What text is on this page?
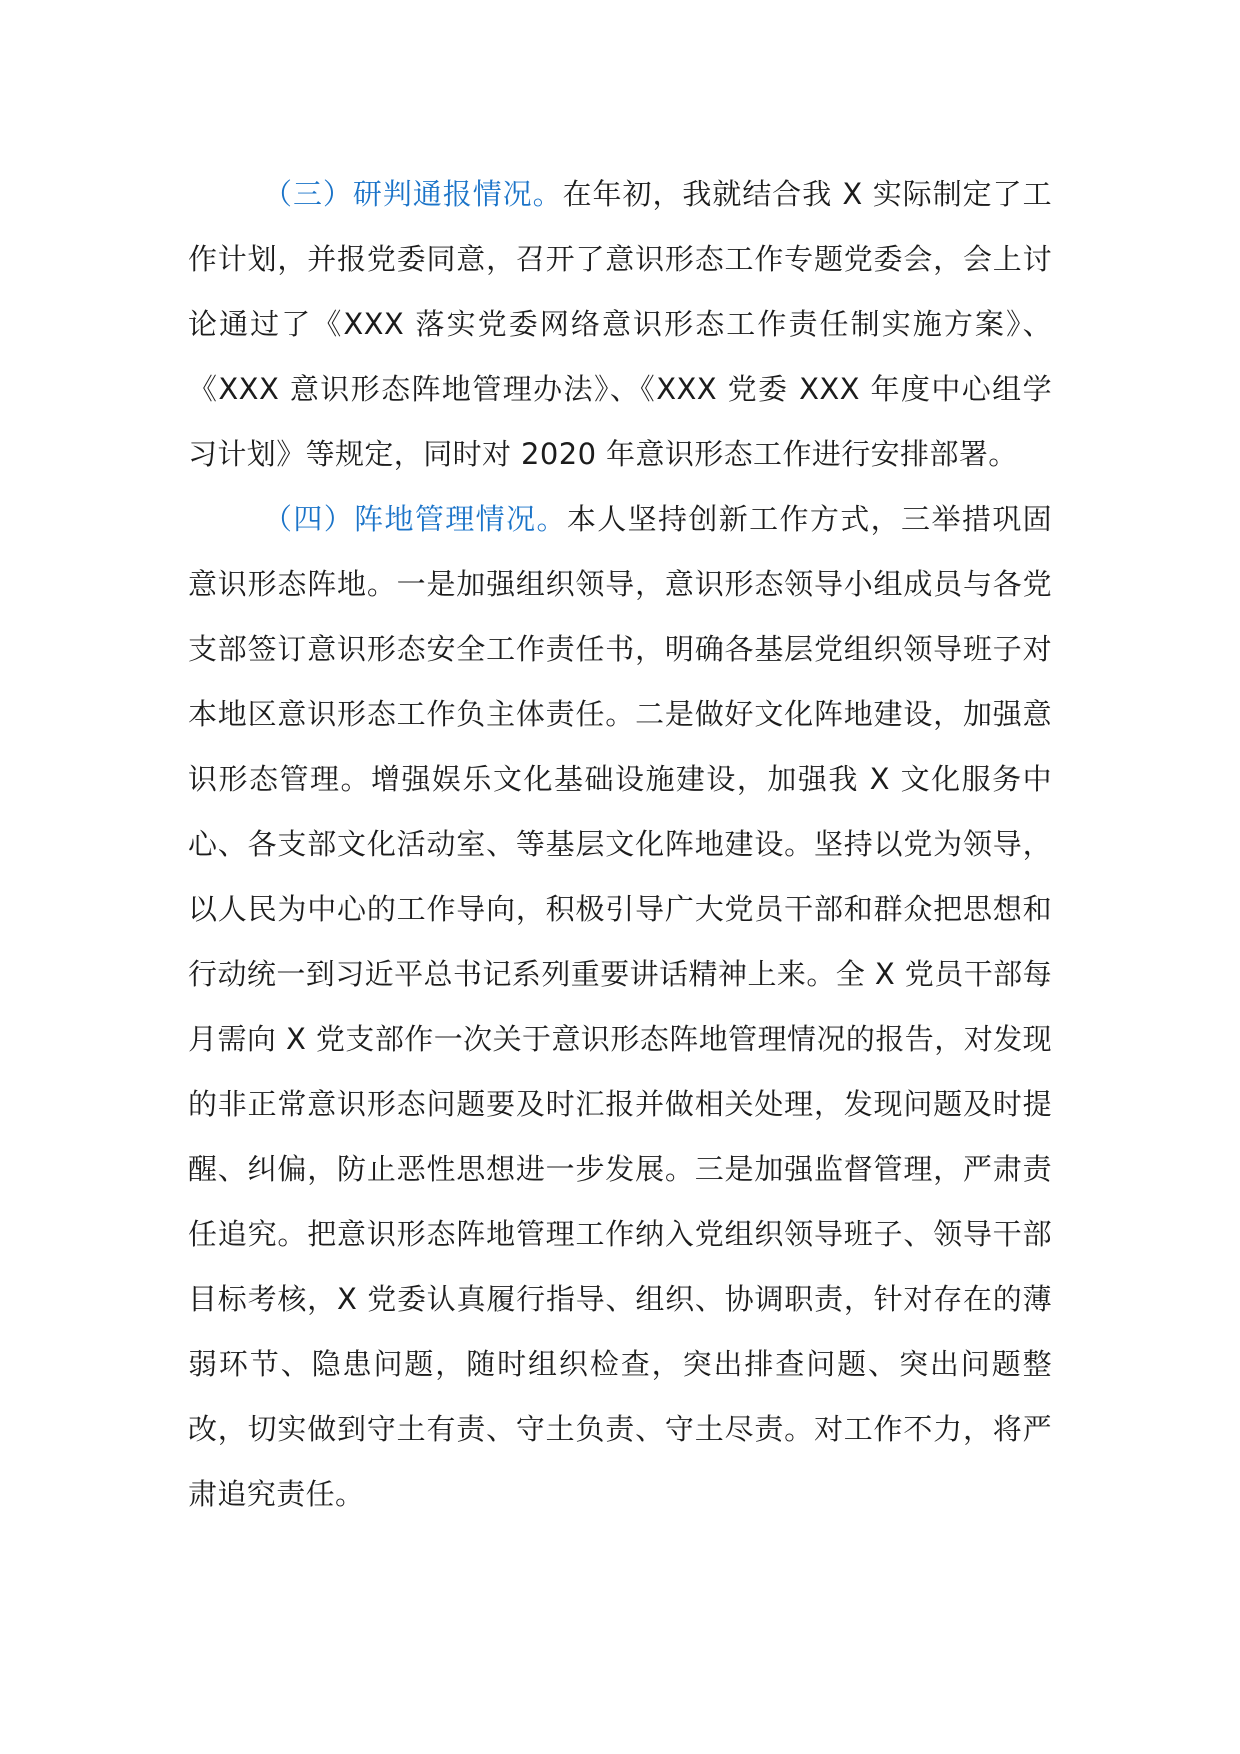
（三）研判通报情况。在年初，我就结合我 X 实际制定了工作计划，并报党委同意，召开了意识形态工作专题党委会，会上讨论通过了《XXX 落实党委网络意识形态工作责任制实施方案》、《XXX 意识形态阵地管理办法》、《XXX 党委 XXX 年度中心组学习计划》等规定，同时对 2020 年意识形态工作进行安排部署。

（四）阵地管理情况。本人坚持创新工作方式，三举措巩固意识形态阵地。一是加强组织领导，意识形态领导小组成员与各党支部签订意识形态安全工作责任书，明确各基层党组织领导班子对本地区意识形态工作负主体责任。二是做好文化阵地建设，加强意识形态管理。增强娱乐文化基础设施建设，加强我 X 文化服务中心、各支部文化活动室、等基层文化阵地建设。坚持以党为领导，以人民为中心的工作导向，积极引导广大党员干部和群众把思想和行动统一到习近平总书记系列重要讲话精神上来。全 X 党员干部每月需向 X 党支部作一次关于意识形态阵地管理情况的报告，对发现的非正常意识形态问题要及时汇报并做相关处理，发现问题及时提醒、纠偏，防止恶性思想进一步发展。三是加强监督管理，严肃责任追究。把意识形态阵地管理工作纳入党组织领导班子、领导干部目标考核，X 党委认真履行指导、组织、协调职责，针对存在的薄弱环节、隐患问题，随时组织检查，突出排查问题、突出问题整改，切实做到守土有责、守土负责、守土尽责。对工作不力，将严肃追究责任。
